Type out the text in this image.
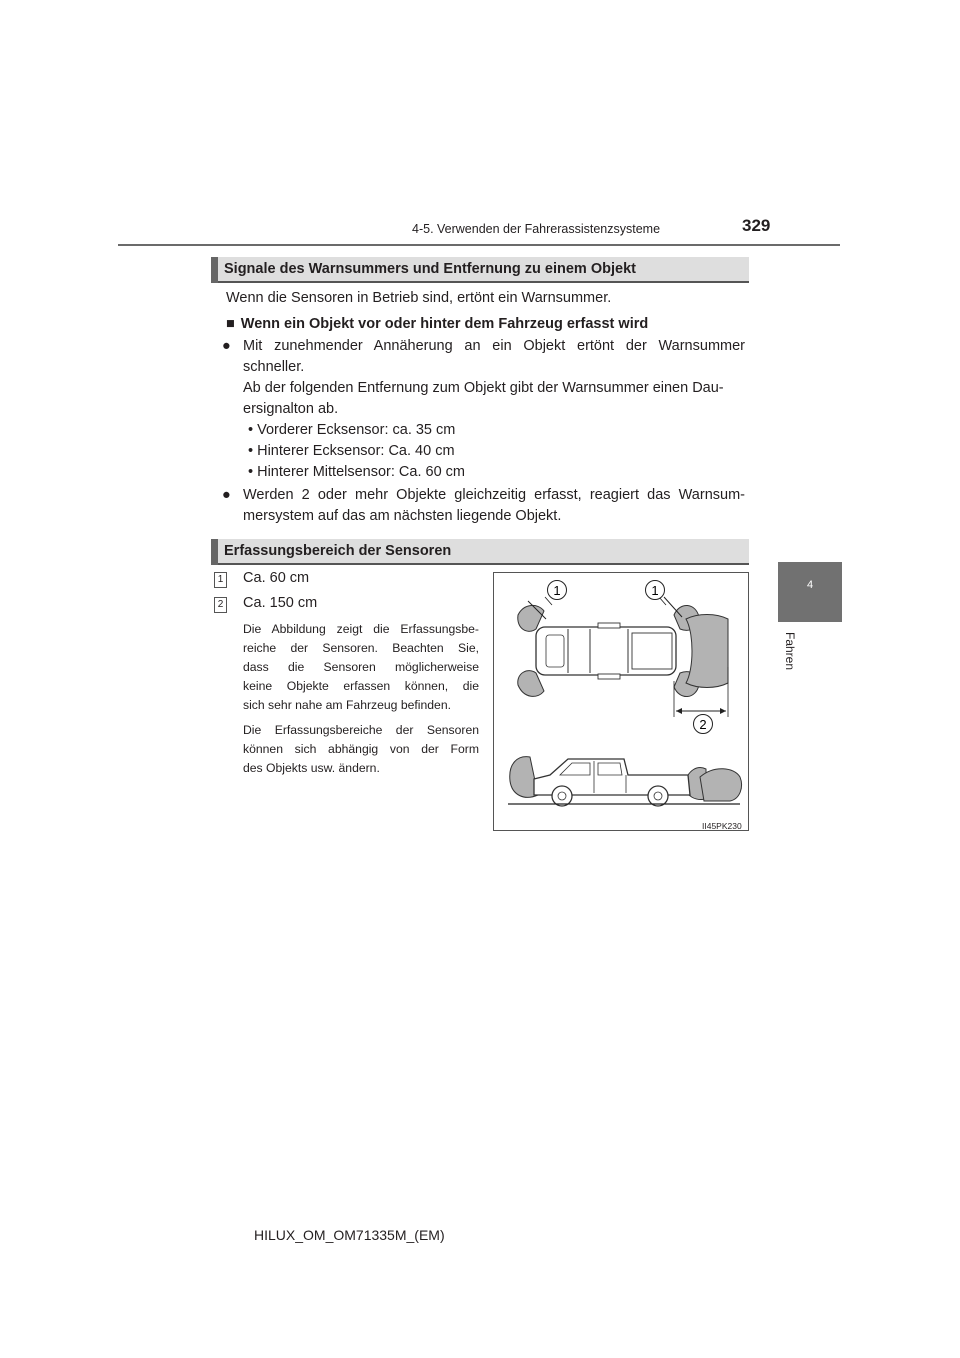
4-5. Verwenden der Fahrerassistenzsysteme	329
4
Fahren
Signale des Warnsummers und Entfernung zu einem Objekt
Wenn die Sensoren in Betrieb sind, ertönt ein Warnsummer.
■ Wenn ein Objekt vor oder hinter dem Fahrzeug erfasst wird
● Mit zunehmender Annäherung an ein Objekt ertönt der Warnsummer
schneller.
Ab der folgenden Entfernung zum Objekt gibt der Warnsummer einen Dau-
ersignalton ab.
• Vorderer Ecksensor: ca. 35 cm
• Hinterer Ecksensor: Ca. 40 cm
• Hinterer Mittelsensor: Ca. 60 cm
● Werden 2 oder mehr Objekte gleichzeitig erfasst, reagiert das Warnsum-
mersystem auf das am nächsten liegende Objekt.
Erfassungsbereich der Sensoren
1 Ca. 60 cm
2 Ca. 150 cm
Die Abbildung zeigt die Erfassungsbe-
reiche der Sensoren. Beachten Sie,
dass die Sensoren möglicherweise
keine Objekte erfassen können, die
sich sehr nahe am Fahrzeug befinden.
Die Erfassungsbereiche der Sensoren
können sich abhängig von der Form
des Objekts usw. ändern.
1	1
2
II45PK230
HILUX_OM_OM71335M_(EM)
